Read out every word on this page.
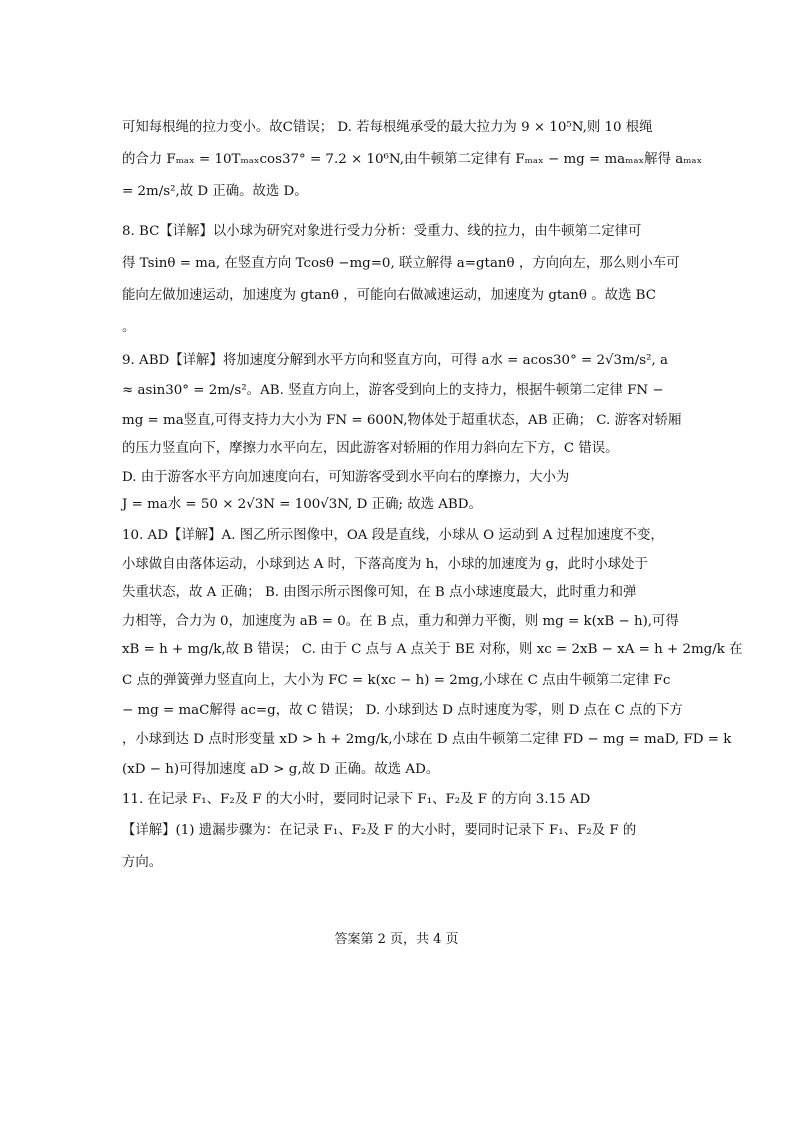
可知每根绳的拉力变小。故C错误； D. 若每根绳承受的最大拉力为 9 × 10⁵N,则 10 根绳
的合力 Fₘₐₓ = 10Tₘₐₓcos37° = 7.2 × 10⁶N,由牛顿第二定律有 Fₘₐₓ − mg = maₘₐₓ解得 aₘₐₓ
= 2m/s²,故 D 正确。故选 D。
8. BC【详解】以小球为研究对象进行受力分析：受重力、线的拉力，由牛顿第二定律可
得 Tsinθ = ma, 在竖直方向 Tcosθ −mg=0, 联立解得 a=gtanθ ，方向向左，那么则小车可
能向左做加速运动，加速度为 gtanθ ，可能向右做减速运动，加速度为 gtanθ 。故选 BC
。
9. ABD【详解】将加速度分解到水平方向和竖直方向，可得 a水 = acos30° = 2√3m/s², a
≈ asin30° = 2m/s²。AB. 竖直方向上，游客受到向上的支持力，根据牛顿第二定律 FN −
mg = ma竖直,可得支持力大小为 FN = 600N,物体处于超重状态，AB 正确； C. 游客对轿厢
的压力竖直向下，摩擦力水平向左，因此游客对轿厢的作用力斜向左下方，C 错误。
D. 由于游客水平方向加速度向右，可知游客受到水平向右的摩擦力，大小为
J = ma水 = 50 × 2√3N = 100√3N, D 正确; 故选 ABD。
10. AD【详解】A. 图乙所示图像中，OA 段是直线，小球从 O 运动到 A 过程加速度不变，
小球做自由落体运动，小球到达 A 时，下落高度为 h，小球的加速度为 g，此时小球处于
失重状态，故 A 正确； B. 由图示所示图像可知，在 B 点小球速度最大，此时重力和弹
力相等，合力为 0，加速度为 aB = 0。在 B 点，重力和弹力平衡，则 mg = k(xB − h),可得
xB = h + mg/k,故 B 错误； C. 由于 C 点与 A 点关于 BE 对称，则 xc = 2xB − xA = h + 2mg/k 在
C 点的弹簧弹力竖直向上，大小为 FC = k(xc − h) = 2mg,小球在 C 点由牛顿第二定律 Fc
− mg = maC解得 ac=g，故 C 错误； D. 小球到达 D 点时速度为零，则 D 点在 C 点的下方
，小球到达 D 点时形变量 xD > h + 2mg/k,小球在 D 点由牛顿第二定律 FD − mg = maD, FD = k
(xD − h)可得加速度 aD > g,故 D 正确。故选 AD。
11. 在记录 F₁、F₂及 F 的大小时，要同时记录下 F₁、F₂及 F 的方向 3.15 AD
【详解】(1) 遗漏步骤为：在记录 F₁、F₂及 F 的大小时，要同时记录下 F₁、F₂及 F 的
方向。
答案第 2 页，共 4 页
